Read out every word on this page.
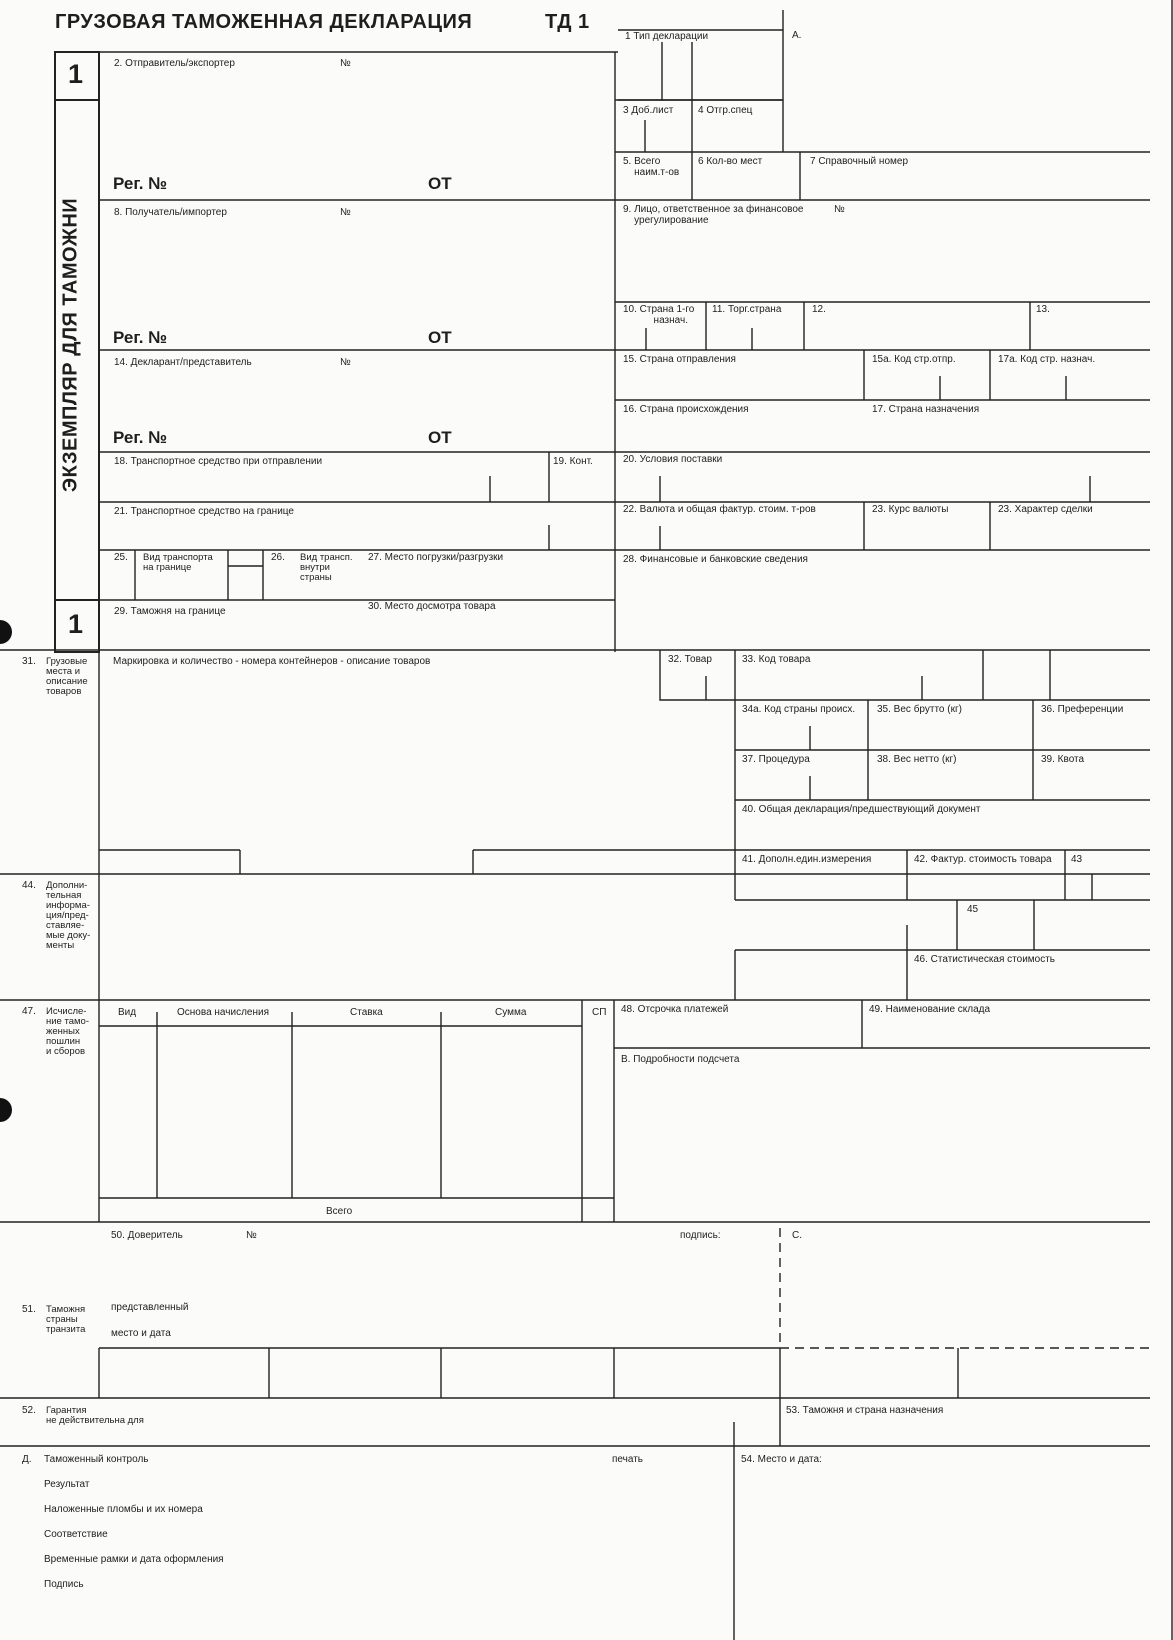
ГРУЗОВАЯ ТАМОЖЕННАЯ ДЕКЛАРАЦИЯ	ТД 1
А.
1
1
ЭКЗЕМПЛЯР ДЛЯ ТАМОЖНИ
1 Тип декларации
2. Отправитель/экспортер	№
Рег. №	ОТ
3 Доб.лист 4 Отгр.спец
5. Всего
наим.т-ов
6 Кол-во мест	7 Справочный номер
8. Получатель/импортер	№
Рег. №	ОТ
9. Лицо, ответственное за финансовое
урегулирование
№
10. Страна 1-го
назнач.
11. Торг.страна	12.	13.
14. Декларант/представитель	№
Рег. №	ОТ
15. Страна отправления	15а. Код стр.отпр.	17а. Код стр. назнач.
16. Страна происхождения	17. Страна назначения
18. Транспортное средство при отправлении	19. Конт.	20. Условия поставки
21. Транспортное средство на границе	22. Валюта и общая фактур. стоим. т-ров	23. Курс валюты	23. Характер сделки
25. Вид транспорта
на границе
26. Вид трансп.
внутри
страны
27. Место погрузки/разгрузки	28. Финансовые и банковские сведения
29. Таможня на границе	30. Место досмотра товара
31. Грузовые
места и
описание
товаров
Маркировка и количество - номера контейнеров - описание товаров	32. Товар	33. Код товара
34а. Код страны происх. 35. Вес брутто (кг)	36. Преференции
37. Процедура	38. Вес нетто (кг)	39. Квота
40. Общая декларация/предшествующий документ
41. Дополн.един.измерения	42. Фактур. стоимость товара 43
44. Дополни-
тельная
информа-
ция/пред-
ставляе-
мые доку-
менты
45
46. Статистическая стоимость
47. Исчисле-
ние тамо-
женных
пошлин
и сборов
Вид	Основа начисления	Ставка	Сумма	СП
Всего
48. Отсрочка платежей	49. Наименование склада
B. Подробности подсчета
50. Доверитель	№	подпись:	C.
представленный
место и дата
51. Таможня
страны
транзита
52. Гарантия
не действительна для
53. Таможня и страна назначения
Д. Таможенный контроль	печать	54. Место и дата:
Результат
Наложенные пломбы и их номера
Соответствие
Временные рамки и дата оформления
Подпись
